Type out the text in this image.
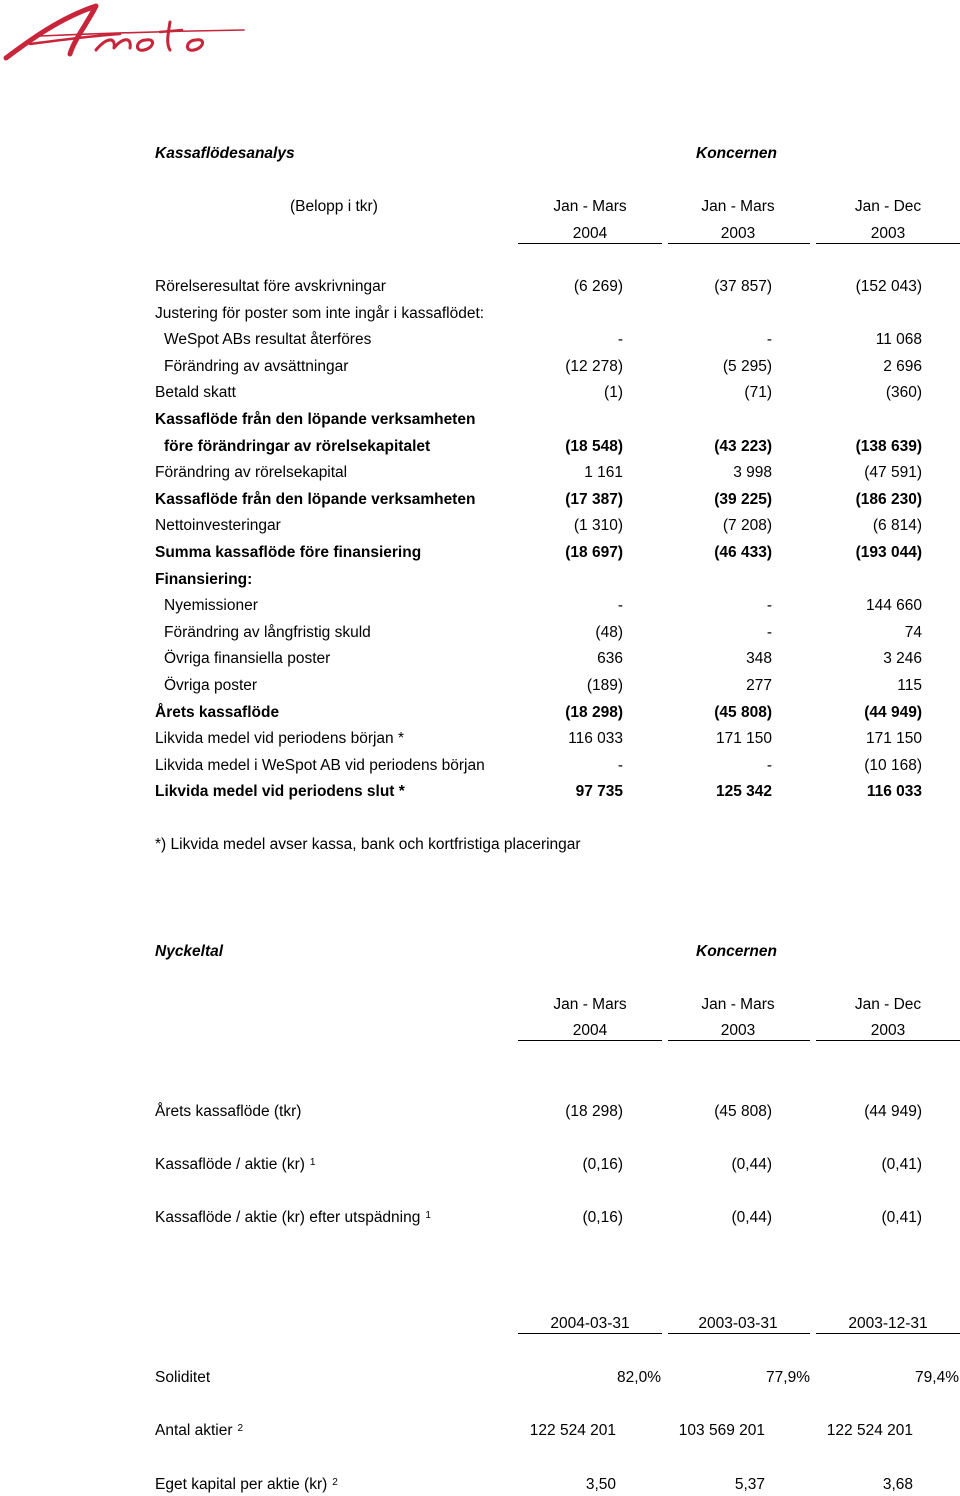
Kassaflödesanalys	Koncernen
(Belopp i tkr)	Jan - Mars	Jan - Mars	Jan - Dec
2004	2003	2003
Rörelseresultat före avskrivningar	(6 269)	(37 857)	(152 043)
Justering för poster som inte ingår i kassaflödet:
WeSpot ABs resultat återföres	-	-	11 068
Förändring av avsättningar	(12 278)	(5 295)	2 696
Betald skatt	(1)	(71)	(360)
Kassaflöde från den löpande verksamheten
före förändringar av rörelsekapitalet	(18 548)	(43 223)	(138 639)
Förändring av rörelsekapital	1 161	3 998	(47 591)
Kassaflöde från den löpande verksamheten	(17 387)	(39 225)	(186 230)
Nettoinvesteringar	(1 310)	(7 208)	(6 814)
Summa kassaflöde före finansiering	(18 697)	(46 433)	(193 044)
Finansiering:
Nyemissioner	-	-	144 660
Förändring av långfristig skuld	(48)	-	74
Övriga finansiella poster	636	348	3 246
Övriga poster	(189)	277	115
Årets kassaflöde	(18 298)	(45 808)	(44 949)
Likvida medel vid periodens början *	116 033	171 150	171 150
Likvida medel i WeSpot AB vid periodens början	-	-	(10 168)
Likvida medel vid periodens slut *	97 735	125 342	116 033
*) Likvida medel avser kassa, bank och kortfristiga placeringar
Nyckeltal	Koncernen
Jan - Mars	Jan - Mars	Jan - Dec
2004	2003	2003
Årets kassaflöde (tkr)	(18 298)	(45 808)	(44 949)
Kassaflöde / aktie (kr) $^1$	(0,16)	(0,44)	(0,41)
Kassaflöde / aktie (kr) efter utspädning $^1$	(0,16)	(0,44)	(0,41)
2004-03-31	2003-03-31	2003-12-31
Soliditet	82,0%	77,9%	79,4%
Antal aktier $^2$	122 524 201	103 569 201	122 524 201
Eget kapital per aktie (kr) $^2$	3,50	5,37	3,68
